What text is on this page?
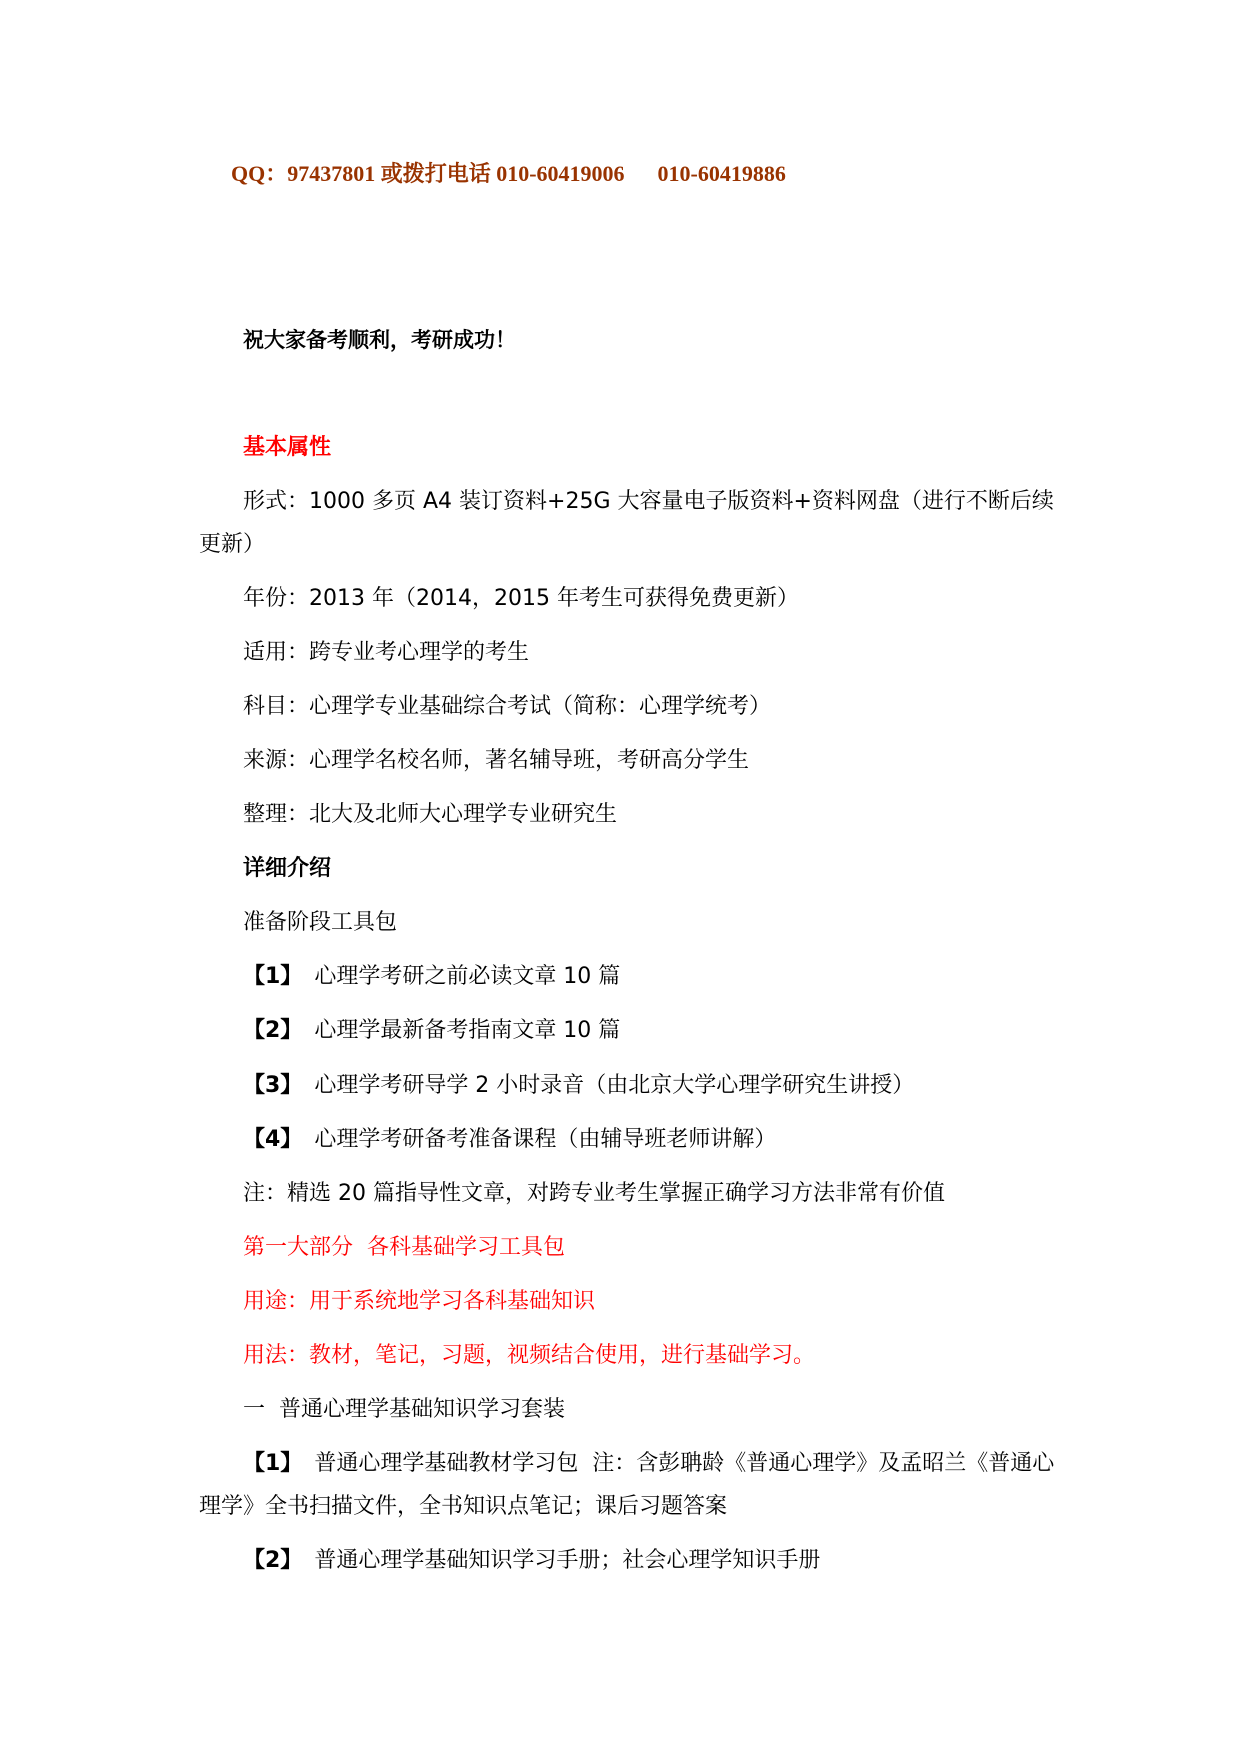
QQ：97437801 或拨打电话 010-60419006      010-60419886
祝大家备考顺利，考研成功！
基本属性
形式：1000 多页 A4 装订资料+25G 大容量电子版资料+资料网盘（进行不断后续
更新）
年份：2013 年（2014，2015 年考生可获得免费更新）
适用：跨专业考心理学的考生
科目：心理学专业基础综合考试（简称：心理学统考）
来源：心理学名校名师，著名辅导班，考研高分学生
整理：北大及北师大心理学专业研究生
详细介绍
准备阶段工具包
【1】 心理学考研之前必读文章 10 篇
【2】 心理学最新备考指南文章 10 篇
【3】 心理学考研导学 2 小时录音（由北京大学心理学研究生讲授）
【4】 心理学考研备考准备课程（由辅导班老师讲解）
注：精选 20 篇指导性文章，对跨专业考生掌握正确学习方法非常有价值
第一大部分  各科基础学习工具包
用途：用于系统地学习各科基础知识
用法：教材，笔记，习题，视频结合使用，进行基础学习。
一  普通心理学基础知识学习套装
【1】 普通心理学基础教材学习包  注：含彭聃龄《普通心理学》及孟昭兰《普通心
理学》全书扫描文件，全书知识点笔记；课后习题答案
【2】 普通心理学基础知识学习手册；社会心理学知识手册
